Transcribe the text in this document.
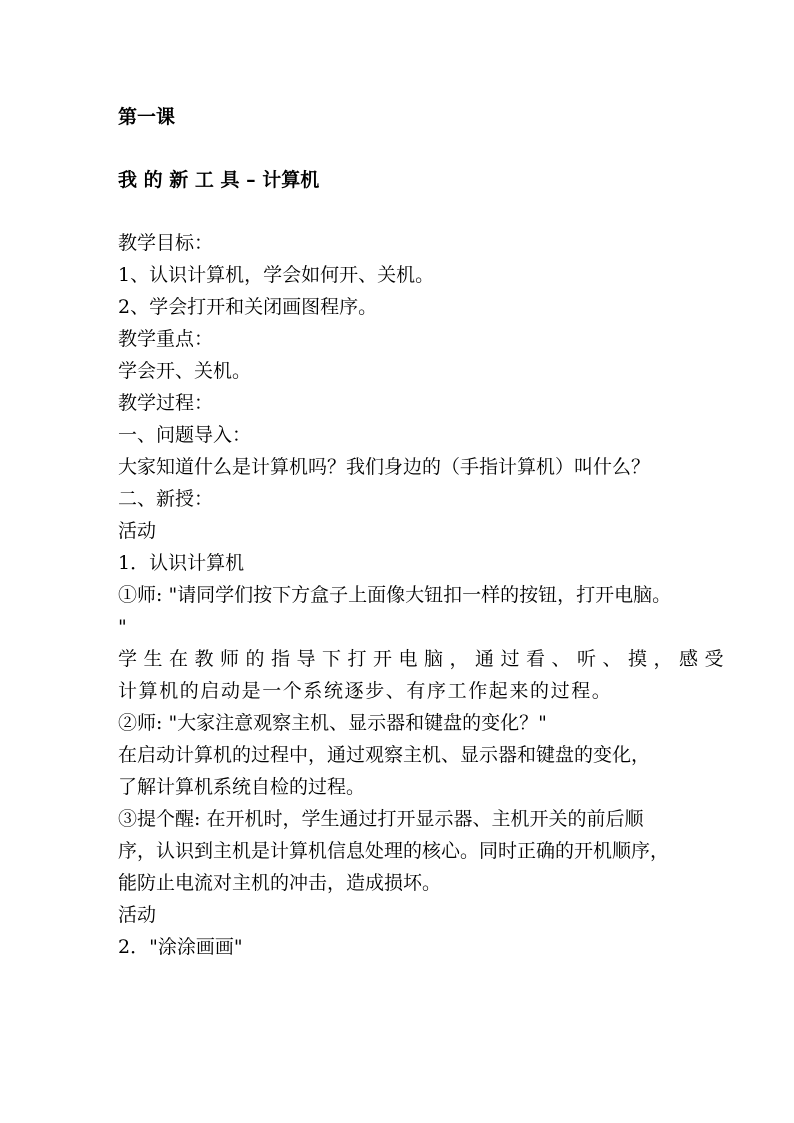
第一课
我 的 新 工 具 – 计算机
教学目标：
1、认识计算机，学会如何开、关机。
2、学会打开和关闭画图程序。
教学重点：
学会开、关机。
教学过程：
一、问题导入：
大家知道什么是计算机吗？我们身边的（手指计算机）叫什么？
二、新授：
活动
1．认识计算机
①师: "请同学们按下方盒子上面像大钮扣一样的按钮，打开电脑。
"
学生在教师的指导下打开电脑，通过看、听、摸，感受
计算机的启动是一个系统逐步、有序工作起来的过程。
②师: "大家注意观察主机、显示器和键盘的变化？"
在启动计算机的过程中，通过观察主机、显示器和键盘的变化，
了解计算机系统自检的过程。
③提个醒: 在开机时，学生通过打开显示器、主机开关的前后顺
序，认识到主机是计算机信息处理的核心。同时正确的开机顺序，
能防止电流对主机的冲击，造成损坏。
活动
2．"涂涂画画"
